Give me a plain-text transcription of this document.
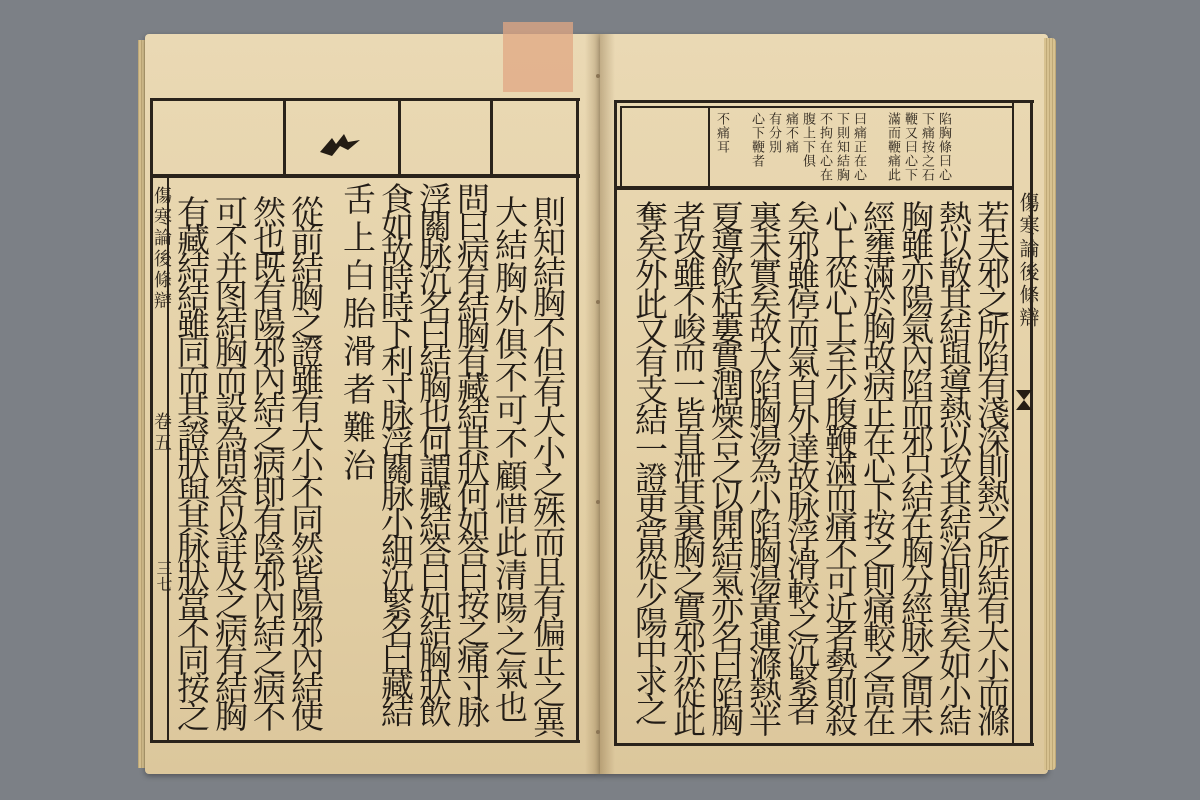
傷寒論後條辯
卷五
三七	則知結胸不但有大小之殊而且有偏正之異
大結胸外俱不可不顧惜此清陽之氣也
問曰病有結胸有藏結其狀何如答曰按之痛寸脉
浮關脉沉名曰結胸也何謂藏結答曰如結胸狀飲
食如故時時下利寸脉浮關脉小細沉緊名曰藏結
舌上白胎滑者難治
從前結胸之證雖有大小不同然皆陽邪內結使
然也既有陽邪內結之病即有陰邪內結之病不
可不并图結胸而設為問答以詳及之病有結胸
有藏結結雖同而其證狀與其脉狀當不同按之
陷胸條曰心
下痛按之石
鞭又曰心下
滿而鞭痛此
曰痛正在心
下則知結胸
不拘在心在
腹上下俱
痛不痛
有分別
心下鞭者
不痛耳
傷寒論後條辯
若夫邪之所陷有淺深則熱之所結有大小而滌
熱以散其結與導熱以攻其結治則異矣如小結
胸雖亦陽氣內陷而邪只結在胸分經脉之間未
經壅滿於胸故病正在心下按之則痛較之高在
心上從心上至少腹鞭滿而痛不可近者勢則殺
矣邪雖停而氣自外達故脉浮滑較之沉緊者
裏未實矣故大陷胸湯為小陷胸湯黃連滌熱半
夏導飲栝蔞實潤燥合之以開結氣亦名曰陷胸
者攻雖不峻而一皆直泄其裏胸之實邪亦從此
奪矣外此又有支結一證更當從少陽中求之
